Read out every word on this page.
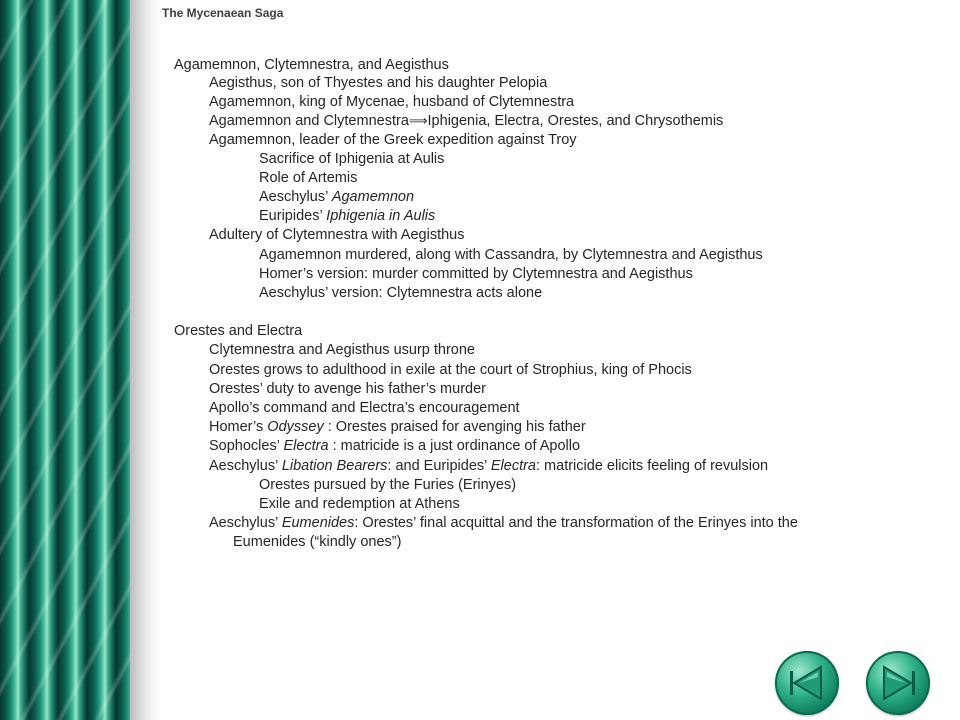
The Mycenaean Saga
Agamemnon, Clytemnestra, and Aegisthus
Aegisthus, son of Thyestes and his daughter Pelopia
Agamemnon, king of Mycenae, husband of Clytemnestra
Agamemnon and Clytemnestra⟹Iphigenia, Electra, Orestes, and Chrysothemis
Agamemnon, leader of the Greek expedition against Troy
Sacrifice of Iphigenia at Aulis
Role of Artemis
Aeschylus’ Agamemnon
Euripides’ Iphigenia in Aulis
Adultery of Clytemnestra with Aegisthus
Agamemnon murdered, along with Cassandra, by Clytemnestra and Aegisthus
Homer’s version: murder committed by Clytemnestra and Aegisthus
Aeschylus’ version: Clytemnestra acts alone
Orestes and Electra
Clytemnestra and Aegisthus usurp throne
Orestes grows to adulthood in exile at the court of Strophius, king of Phocis
Orestes’ duty to avenge his father’s murder
Apollo’s command and Electra’s encouragement
Homer’s Odyssey : Orestes praised for avenging his father
Sophocles’ Electra : matricide is a just ordinance of Apollo
Aeschylus’ Libation Bearers: and Euripides’ Electra: matricide elicits feeling of revulsion
Orestes pursued by the Furies (Erinyes)
Exile and redemption at Athens
Aeschylus’ Eumenides: Orestes’ final acquittal and the transformation of the Erinyes into the
Eumenides (“kindly ones”)
